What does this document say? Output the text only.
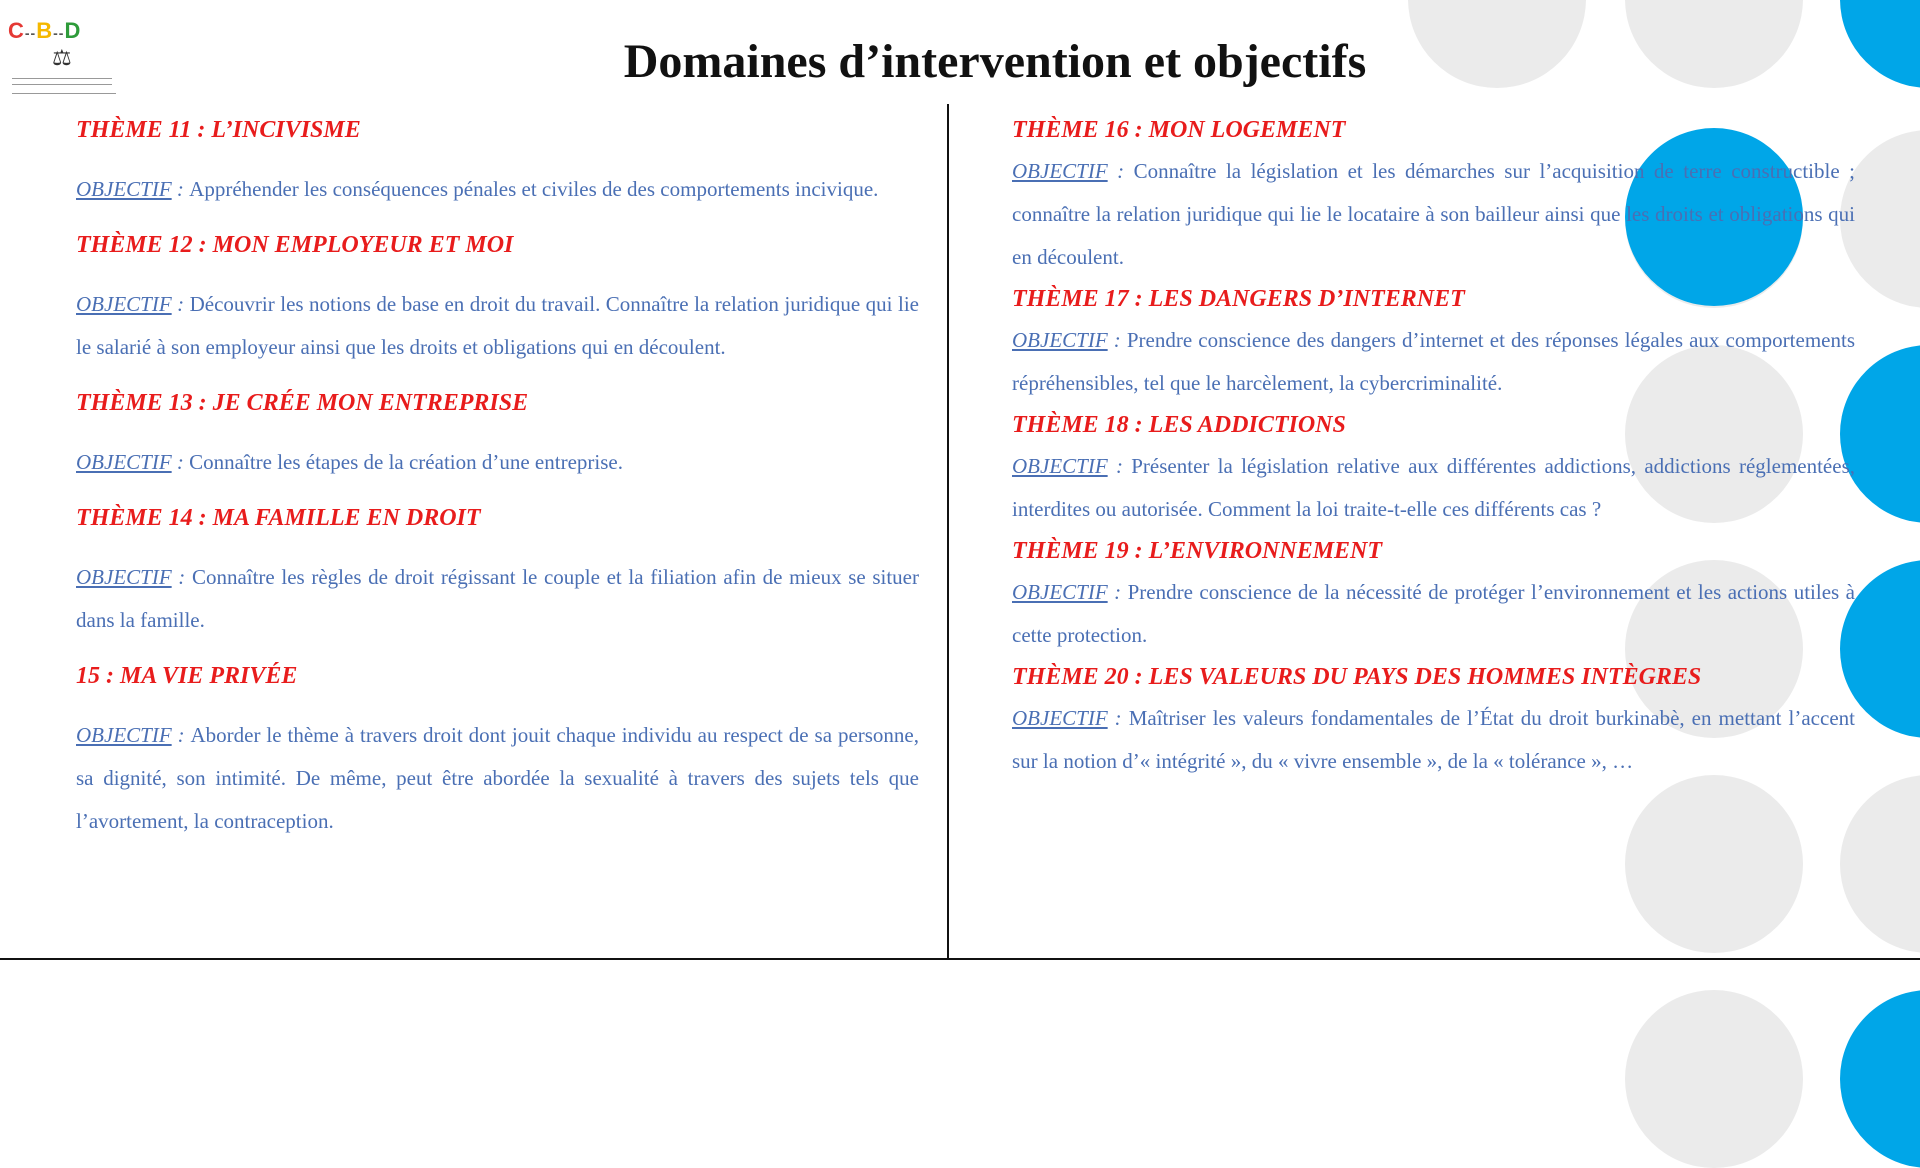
C--B--D
⚖	Domaines d’intervention et objectifs

THÈME 11 : L’INCIVISME

OBJECTIF : Appréhender les conséquences pénales et civiles de des comportements incivique.

THÈME 12 : MON EMPLOYEUR ET MOI

OBJECTIF : Découvrir les notions de base en droit du travail. Connaître la relation juridique qui lie le salarié à son employeur ainsi que les droits et obligations qui en découlent.

THÈME 13 : JE CRÉE MON ENTREPRISE

OBJECTIF : Connaître les étapes de la création d’une entreprise.

THÈME 14 : MA FAMILLE EN DROIT

OBJECTIF : Connaître les règles de droit régissant le couple et la filiation afin de mieux se situer dans la famille.

15 : MA VIE PRIVÉE

OBJECTIF : Aborder le thème à travers droit dont jouit chaque individu au respect de sa personne, sa dignité, son intimité. De même, peut être abordée la sexualité à travers des sujets tels que l’avortement, la contraception.

THÈME 16 : MON LOGEMENT

OBJECTIF : Connaître la législation et les démarches sur l’acquisition de terre constructible ; connaître la relation juridique qui lie le locataire à son bailleur ainsi que les droits et obligations qui en découlent.

THÈME 17 : LES DANGERS D’INTERNET

OBJECTIF : Prendre conscience des dangers d’internet et des réponses légales aux comportements répréhensibles, tel que le harcèlement, la cybercriminalité.

THÈME 18 : LES ADDICTIONS

OBJECTIF : Présenter la législation relative aux différentes addictions, addictions réglementées, interdites ou autorisée. Comment la loi traite-t-elle ces différents cas ?

THÈME 19 : L’ENVIRONNEMENT

OBJECTIF : Prendre conscience de la nécessité de protéger l’environnement et les actions utiles à cette protection.

THÈME 20 : LES VALEURS DU PAYS DES HOMMES INTÈGRES

OBJECTIF : Maîtriser les valeurs fondamentales de l’État du droit burkinabè, en mettant l’accent sur la notion d’« intégrité », du « vivre ensemble », de la « tolérance », …
